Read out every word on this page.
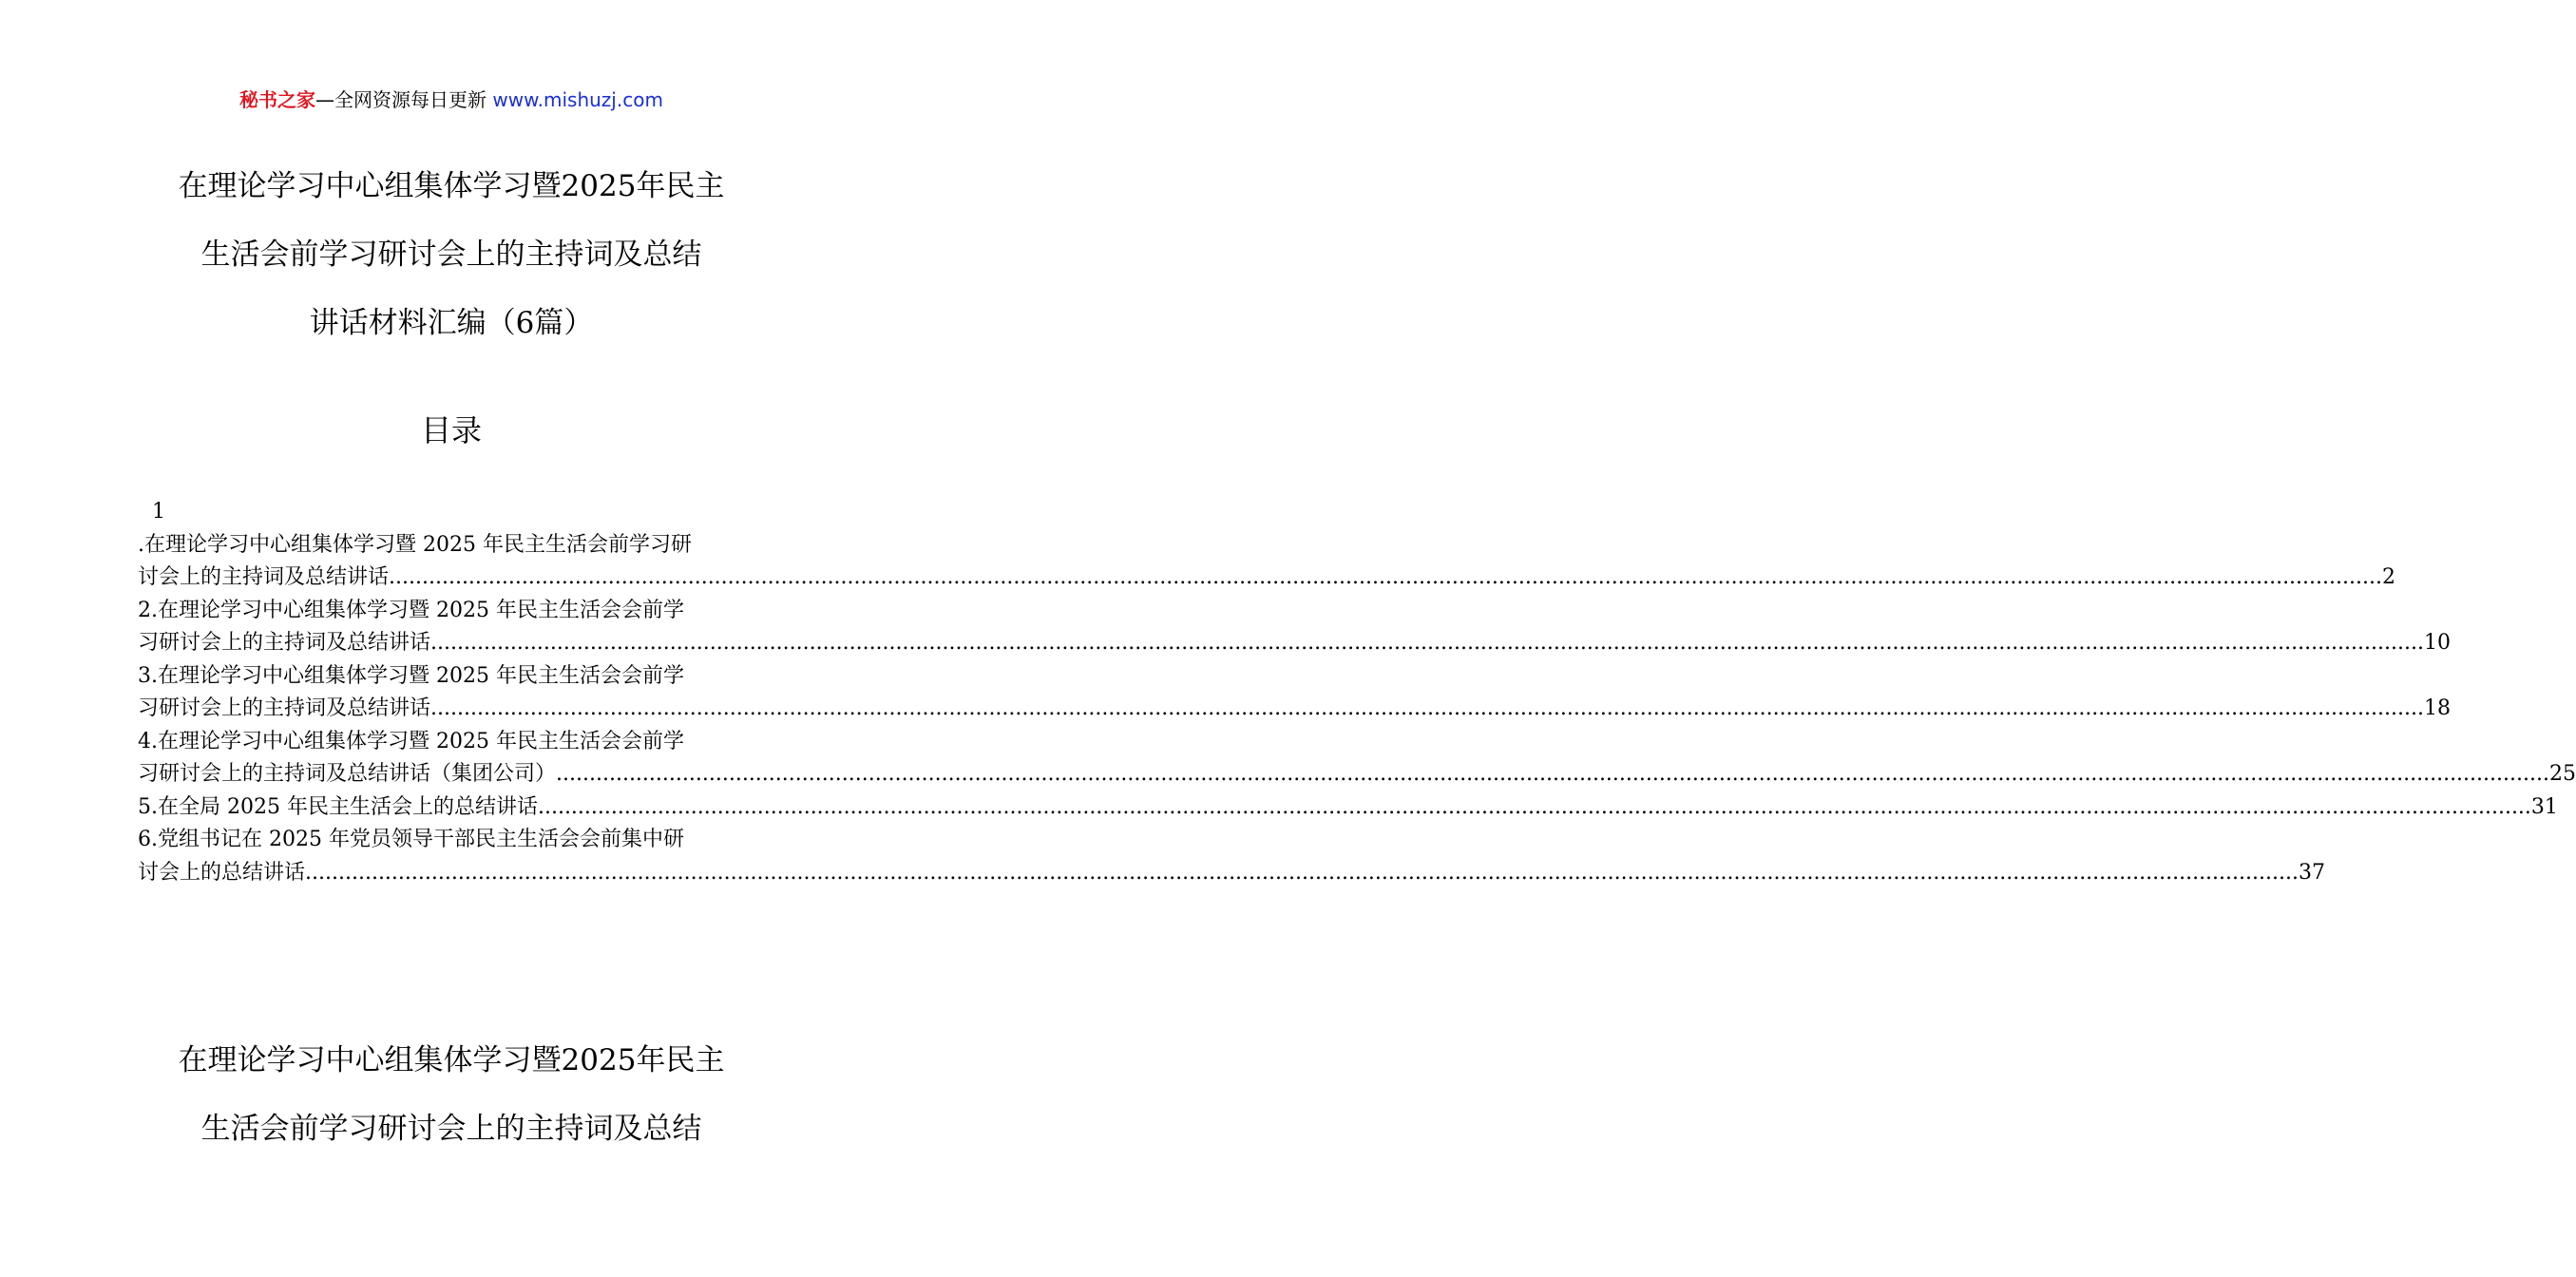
秘书之家—全网资源每日更新 www.mishuzj.com
在理论学习中心组集体学习暨2025年民主
生活会前学习研讨会上的主持词及总结
讲话材料汇编（6篇）
目录
1
.在理论学习中心组集体学习暨 2025 年民主生活会前学习研
讨会上的主持词及总结讲话 ............................................................................................................................................................................................................................................................................................................ 2
2.在理论学习中心组集体学习暨 2025 年民主生活会会前学
习研讨会上的主持词及总结讲话 ............................................................................................................................................................................................................................................................................................................ 10
3.在理论学习中心组集体学习暨 2025 年民主生活会会前学
习研讨会上的主持词及总结讲话 ............................................................................................................................................................................................................................................................................................................ 18
4.在理论学习中心组集体学习暨 2025 年民主生活会会前学
习研讨会上的主持词及总结讲话（集团公司） ............................................................................................................................................................................................................................................................................................................ 25
5.在全局 2025 年民主生活会上的总结讲话 ............................................................................................................................................................................................................................................................................................................ 31
6.党组书记在 2025 年党员领导干部民主生活会会前集中研
讨会上的总结讲话 ............................................................................................................................................................................................................................................................................................................ 37
在理论学习中心组集体学习暨2025年民主
生活会前学习研讨会上的主持词及总结
